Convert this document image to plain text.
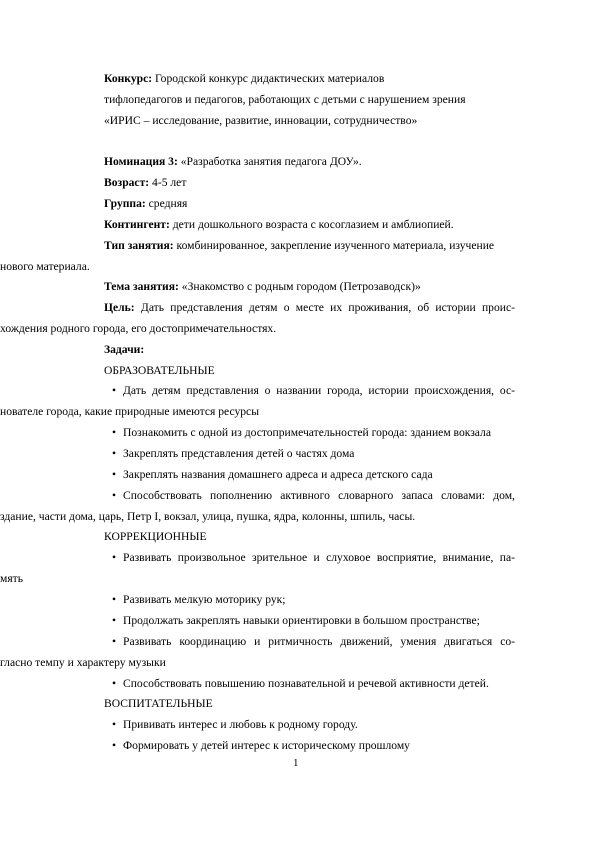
Конкурс: Городской конкурс дидактических материалов
тифлопедагогов и педагогов, работающих с детьми с нарушением зрения
«ИРИС – исследование, развитие, инновации, сотрудничество»
Номинация 3: «Разработка занятия педагога ДОУ».
Возраст: 4-5 лет
Группа: средняя
Контингент: дети дошкольного возраста с косоглазием и амблиопией.
Тип занятия: комбинированное, закрепление изученного материала, изучение
нового материала.
Тема занятия: «Знакомство с родным городом (Петрозаводск)»
Цель: Дать представления детям о месте их проживания, об истории проис-
хождения родного города, его достопримечательностях.
Задачи:
ОБРАЗОВАТЕЛЬНЫЕ
• Дать детям представления о названии города, истории происхождения, ос-
нователе города, какие природные имеются ресурсы
• Познакомить с одной из достопримечательностей города: зданием вокзала
• Закреплять представления детей о частях дома
• Закреплять названия домашнего адреса и адреса детского сада
• Способствовать пополнению активного словарного запаса словами: дом,
здание, части дома, царь, Петр I, вокзал, улица, пушка, ядра, колонны, шпиль, часы.
КОРРЕКЦИОННЫЕ
• Развивать произвольное зрительное и слуховое восприятие, внимание, па-
мять
• Развивать мелкую моторику рук;
• Продолжать закреплять навыки ориентировки в большом пространстве;
• Развивать координацию и ритмичность движений, умения двигаться со-
гласно темпу и характеру музыки
• Способствовать повышению познавательной и речевой активности детей.
ВОСПИТАТЕЛЬНЫЕ
• Прививать интерес и любовь к родному городу.
• Формировать у детей интерес к историческому прошлому
1
